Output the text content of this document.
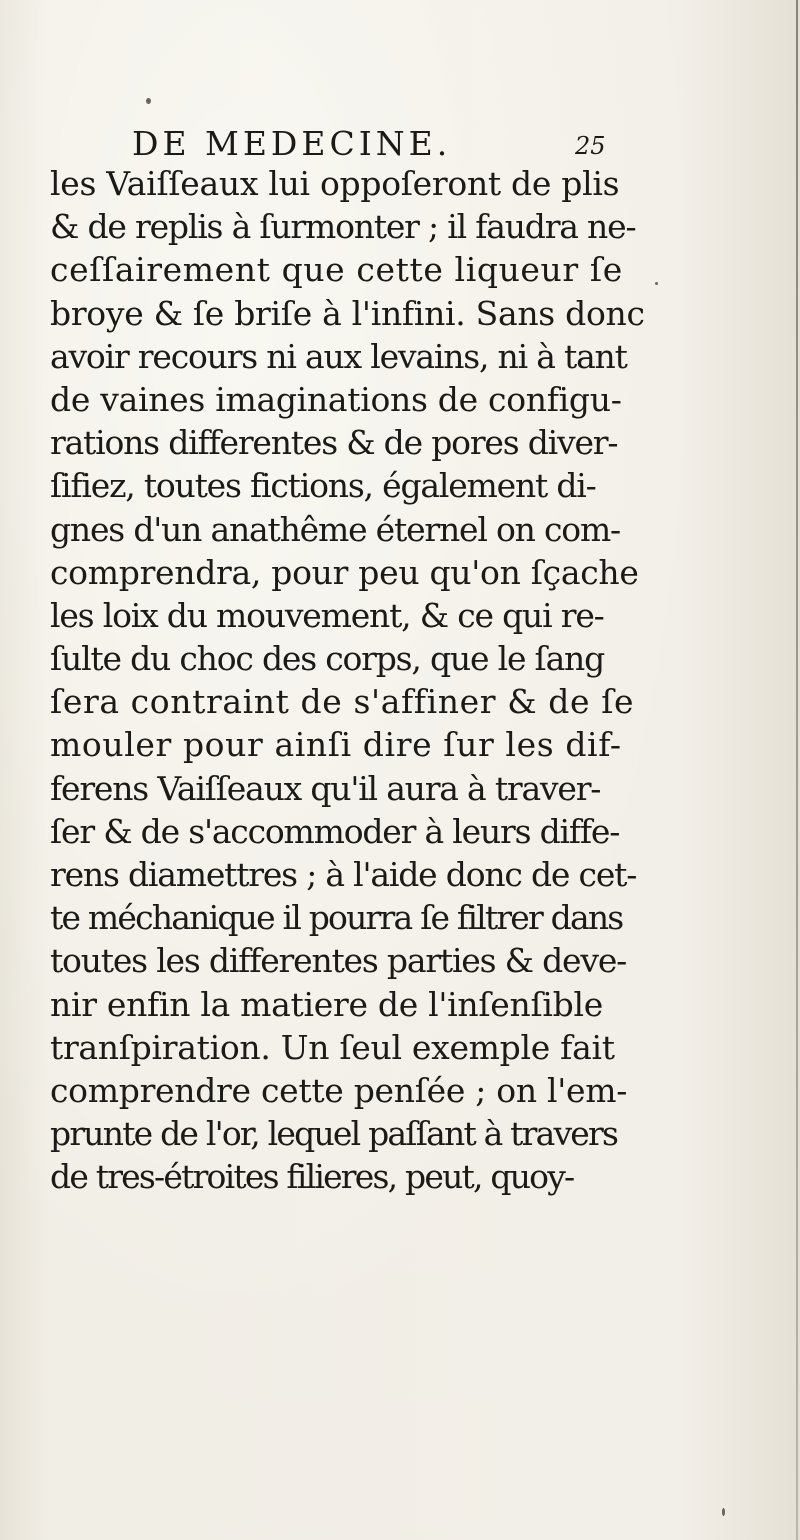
DE MEDECINE.	25
les Vaiſſeaux lui oppoſeront de plis
& de replis à ſurmonter ; il faudra ne-
ceſſairement que cette liqueur ſe
broye & ſe briſe à l'infini. Sans donc
avoir recours ni aux levains, ni à tant
de vaines imaginations de configu-
rations differentes & de pores diver-
ſifiez, toutes fictions, également di-
gnes d'un anathême éternel on com-
comprendra, pour peu qu'on ſçache
les loix du mouvement, & ce qui re-
ſulte du choc des corps, que le ſang
ſera contraint de s'affiner & de ſe
mouler pour ainſi dire ſur les dif-
ferens Vaiſſeaux qu'il aura à traver-
ſer & de s'accommoder à leurs diffe-
rens diamettres ; à l'aide donc de cet-
te méchanique il pourra ſe filtrer dans
toutes les differentes parties & deve-
nir enfin la matiere de l'inſenſible
tranſpiration. Un ſeul exemple fait
comprendre cette penſée ; on l'em-
prunte de l'or, lequel paſſant à travers
de tres-étroites filieres, peut, quoy-
